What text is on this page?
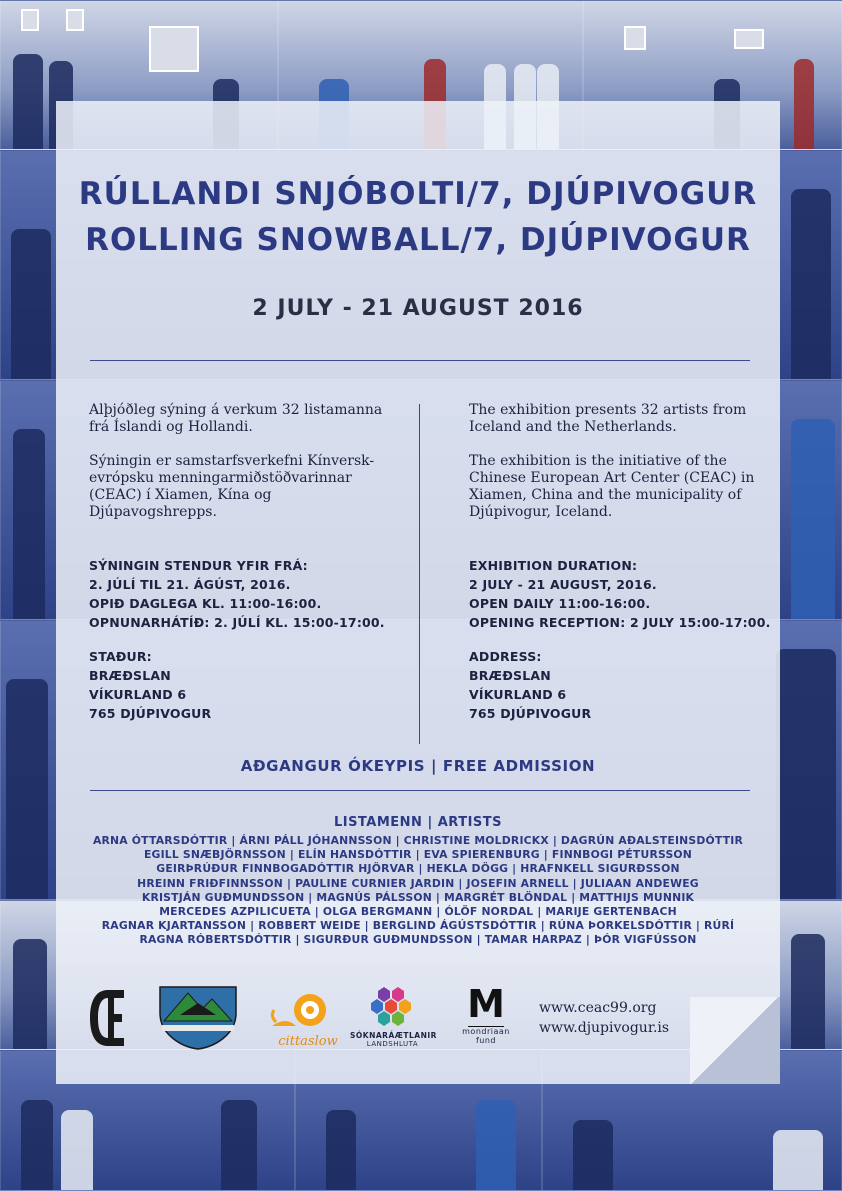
RÚLLANDI SNJÓBOLTI/7, DJÚPIVOGUR
ROLLING SNOWBALL/7, DJÚPIVOGUR
2 JULY - 21 AUGUST 2016

Alþjóðleg sýning á verkum 32 listamanna frá Íslandi og Hollandi.

Sýningin er samstarfsverkefni Kínversk-evrópsku menningarmiðstöðvarinnar (CEAC) í Xiamen, Kína og Djúpavogshrepps.

SÝNINGIN STENDUR YFIR FRÁ:
2. JÚLÍ TIL 21. ÁGÚST, 2016.
OPIÐ DAGLEGA KL. 11:00-16:00.
OPNUNARHÁTÍÐ: 2. JÚLÍ KL. 15:00-17:00.
STAÐUR:
BRÆÐSLAN
VÍKURLAND 6
765 DJÚPIVOGUR

The exhibition presents 32 artists from Iceland and the Netherlands.

The exhibition is the initiative of the Chinese European Art Center (CEAC) in Xiamen, China and the municipality of Djúpivogur, Iceland.

EXHIBITION DURATION:
2 JULY - 21 AUGUST, 2016.
OPEN DAILY 11:00-16:00.
OPENING RECEPTION: 2 JULY 15:00-17:00.
ADDRESS:
BRÆÐSLAN
VÍKURLAND 6
765 DJÚPIVOGUR
AÐGANGUR ÓKEYPIS | FREE ADMISSION
LISTAMENN | ARTISTS
ARNA ÓTTARSDÓTTIR | ÁRNI PÁLL JÓHANNSSON | CHRISTINE MOLDRICKX | DAGRÚN AÐALSTEINSDÓTTIR
EGILL SNÆBJÖRNSSON | ELÍN HANSDÓTTIR | EVA SPIERENBURG | FINNBOGI PÉTURSSON
GEIRÞRÚÐUR FINNBOGADÓTTIR HJÖRVAR | HEKLA DÖGG | HRAFNKELL SIGURÐSSON
HREINN FRIÐFINNSSON | PAULINE CURNIER JARDIN | JOSEFIN ARNELL | JULIAAN ANDEWEG
KRISTJÁN GUÐMUNDSSON | MAGNÚS PÁLSSON | MARGRÉT BLÖNDAL | MATTHIJS MUNNIK
MERCEDES AZPILICUETA | OLGA BERGMANN | ÓLÖF NORDAL | MARIJE GERTENBACH
RAGNAR KJARTANSSON | ROBBERT WEIDE | BERGLIND ÁGÚSTSDÓTTIR | RÚNA ÞORKELSDÓTTIR | RÚRÍ
RAGNA RÓBERTSDÓTTIR | SIGURÐUR GUÐMUNDSSON | TAMAR HARPAZ | ÞÓR VIGFÚSSON
cittaslow	SÓKNARÁÆTLANIR
LANDSHLUTA
M
mondriaan
fund
www.ceac99.org
www.djupivogur.is
